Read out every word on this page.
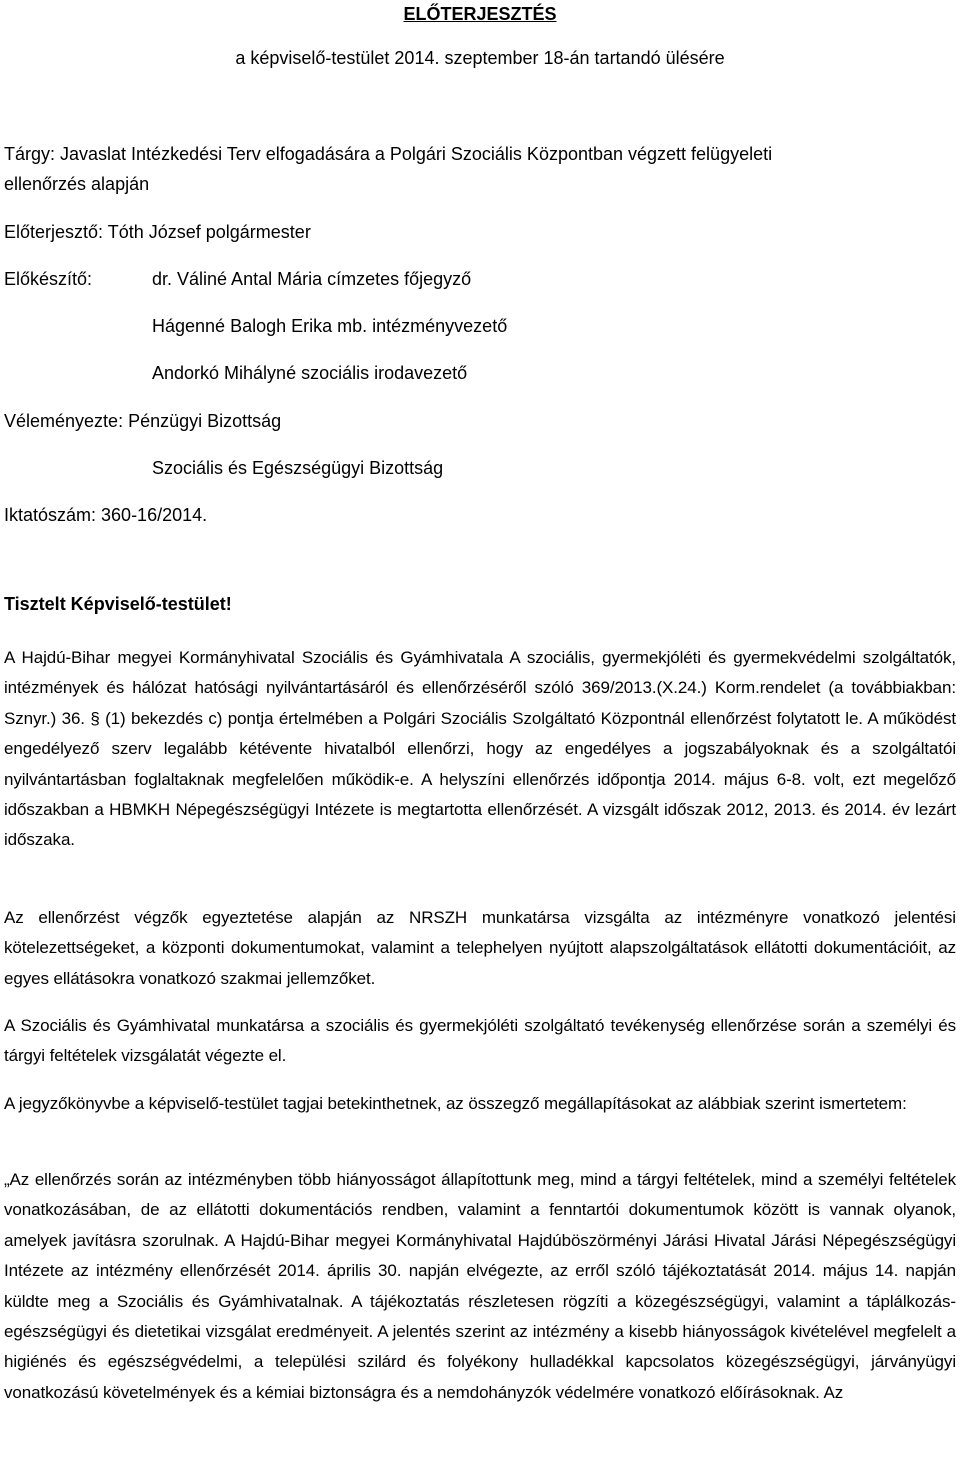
ELŐTERJESZTÉS
a képviselő-testület 2014. szeptember 18-án tartandó ülésére
Tárgy: Javaslat Intézkedési Terv elfogadására a Polgári Szociális Központban végzett felügyeleti
ellenőrzés alapján
Előterjesztő: Tóth József polgármester
Előkészítő:	dr. Váliné Antal Mária címzetes főjegyző
Hágenné Balogh Erika mb. intézményvezető
Andorkó Mihályné szociális irodavezető
Véleményezte: Pénzügyi Bizottság
Szociális és Egészségügyi Bizottság
Iktatószám: 360-16/2014.
Tisztelt Képviselő-testület!

A Hajdú-Bihar megyei Kormányhivatal Szociális és Gyámhivatala A szociális, gyermekjóléti és gyermekvédelmi szolgáltatók, intézmények és hálózat hatósági nyilvántartásáról és ellenőrzéséről szóló 369/2013.(X.24.) Korm.rendelet (a továbbiakban: Sznyr.) 36. § (1) bekezdés c) pontja értelmében a Polgári Szociális Szolgáltató Központnál ellenőrzést folytatott le. A működést engedélyező szerv legalább kétévente hivatalból ellenőrzi, hogy az engedélyes a jogszabályoknak és a szolgáltatói nyilvántartásban foglaltaknak megfelelően működik-e. A helyszíni ellenőrzés időpontja 2014. május 6-8. volt, ezt megelőző időszakban a HBMKH Népegészségügyi Intézete is megtartotta ellenőrzését. A vizsgált időszak 2012, 2013. és 2014. év lezárt időszaka.

Az ellenőrzést végzők egyeztetése alapján az NRSZH munkatársa vizsgálta az intézményre vonatkozó jelentési kötelezettségeket, a központi dokumentumokat, valamint a telephelyen nyújtott alapszolgáltatások ellátotti dokumentációit, az egyes ellátásokra vonatkozó szakmai jellemzőket.

A Szociális és Gyámhivatal munkatársa a szociális és gyermekjóléti szolgáltató tevékenység ellenőrzése során a személyi és tárgyi feltételek vizsgálatát végezte el.

A jegyzőkönyvbe a képviselő-testület tagjai betekinthetnek, az összegző megállapításokat az alábbiak szerint ismertetem:

„Az ellenőrzés során az intézményben több hiányosságot állapítottunk meg, mind a tárgyi feltételek, mind a személyi feltételek vonatkozásában, de az ellátotti dokumentációs rendben, valamint a fenntartói dokumentumok között is vannak olyanok, amelyek javításra szorulnak. A Hajdú-Bihar megyei Kormányhivatal Hajdúböszörményi Járási Hivatal Járási Népegészségügyi Intézete az intézmény ellenőrzését 2014. április 30. napján elvégezte, az erről szóló tájékoztatását 2014. május 14. napján küldte meg a Szociális és Gyámhivatalnak. A tájékoztatás részletesen rögzíti a közegészségügyi, valamint a táplálkozás-egészségügyi és dietetikai vizsgálat eredményeit. A jelentés szerint az intézmény a kisebb hiányosságok kivételével megfelelt a higiénés és egészségvédelmi, a települési szilárd és folyékony hulladékkal kapcsolatos közegészségügyi, járványügyi vonatkozású követelmények és a kémiai biztonságra és a nemdohányzók védelmére vonatkozó előírásoknak. Az
